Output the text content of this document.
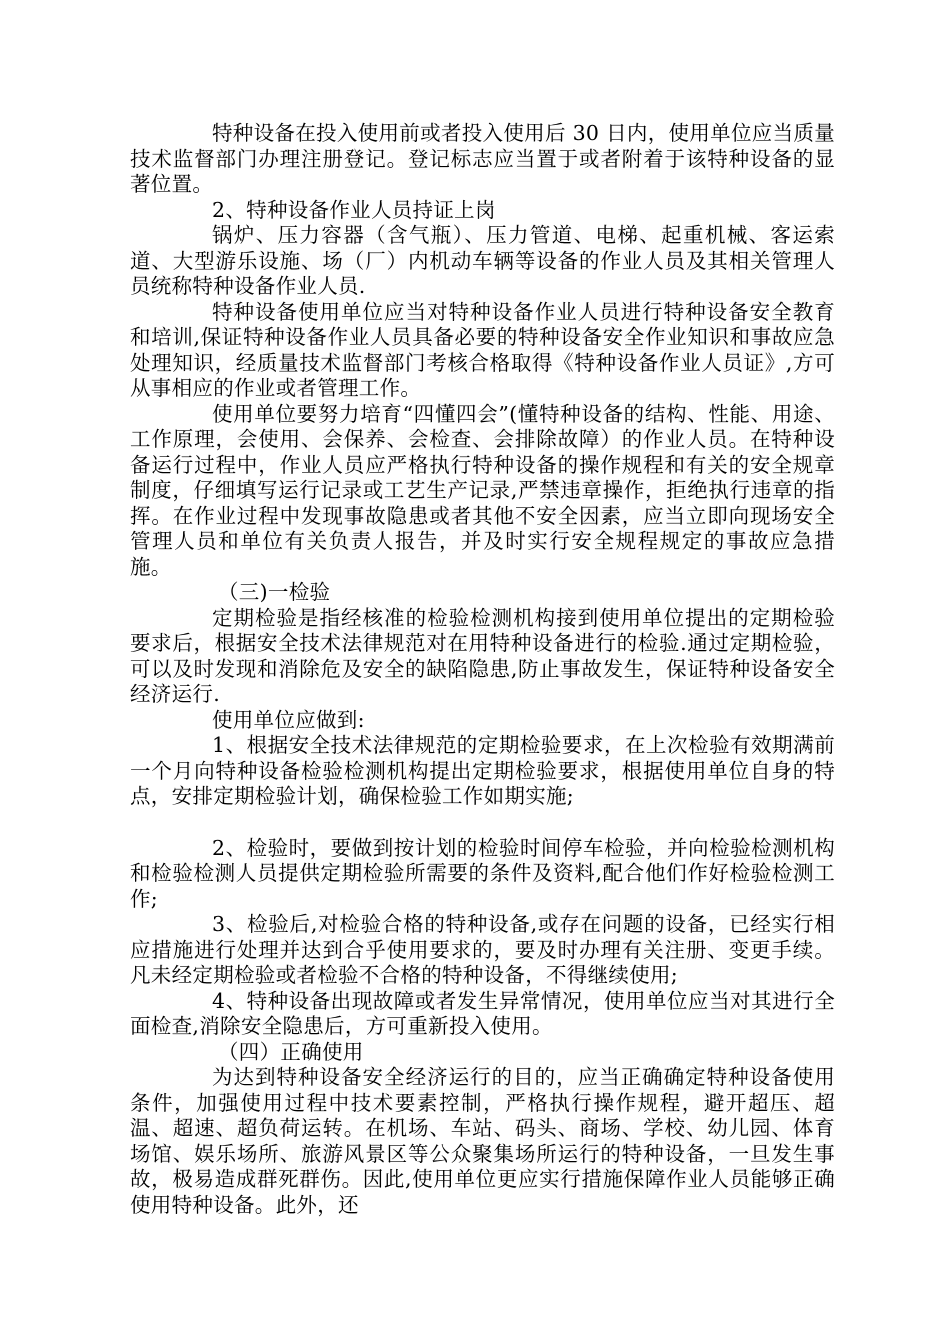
特种设备在投入使用前或者投入使用后 30 日内，使用单位应当质量技术监督部门办理注册登记。登记标志应当置于或者附着于该特种设备的显著位置。

2、特种设备作业人员持证上岗

锅炉、压力容器（含气瓶）、压力管道、电梯、起重机械、客运索道、大型游乐设施、场（厂）内机动车辆等设备的作业人员及其相关管理人员统称特种设备作业人员.

特种设备使用单位应当对特种设备作业人员进行特种设备安全教育和培训,保证特种设备作业人员具备必要的特种设备安全作业知识和事故应急处理知识，经质量技术监督部门考核合格取得《特种设备作业人员证》,方可从事相应的作业或者管理工作。

使用单位要努力培育“四懂四会”(懂特种设备的结构、性能、用途、工作原理，会使用、会保养、会检查、会排除故障）的作业人员。在特种设备运行过程中，作业人员应严格执行特种设备的操作规程和有关的安全规章制度，仔细填写运行记录或工艺生产记录,严禁违章操作，拒绝执行违章的指挥。在作业过程中发现事故隐患或者其他不安全因素，应当立即向现场安全管理人员和单位有关负责人报告，并及时实行安全规程规定的事故应急措施。

（三)一检验

定期检验是指经核准的检验检测机构接到使用单位提出的定期检验要求后，根据安全技术法律规范对在用特种设备进行的检验.通过定期检验，可以及时发现和消除危及安全的缺陷隐患,防止事故发生，保证特种设备安全经济运行.

使用单位应做到:

1、根据安全技术法律规范的定期检验要求，在上次检验有效期满前一个月向特种设备检验检测机构提出定期检验要求，根据使用单位自身的特点，安排定期检验计划，确保检验工作如期实施;

2、检验时，要做到按计划的检验时间停车检验，并向检验检测机构和检验检测人员提供定期检验所需要的条件及资料,配合他们作好检验检测工作;

3、检验后,对检验合格的特种设备,或存在问题的设备，已经实行相应措施进行处理并达到合乎使用要求的，要及时办理有关注册、变更手续。凡未经定期检验或者检验不合格的特种设备，不得继续使用;

4、特种设备出现故障或者发生异常情况，使用单位应当对其进行全面检查,消除安全隐患后，方可重新投入使用。

（四）正确使用

为达到特种设备安全经济运行的目的，应当正确确定特种设备使用条件，加强使用过程中技术要素控制，严格执行操作规程，避开超压、超温、超速、超负荷运转。在机场、车站、码头、商场、学校、幼儿园、体育场馆、娱乐场所、旅游风景区等公众聚集场所运行的特种设备，一旦发生事故，极易造成群死群伤。因此,使用单位更应实行措施保障作业人员能够正确使用特种设备。此外，还
